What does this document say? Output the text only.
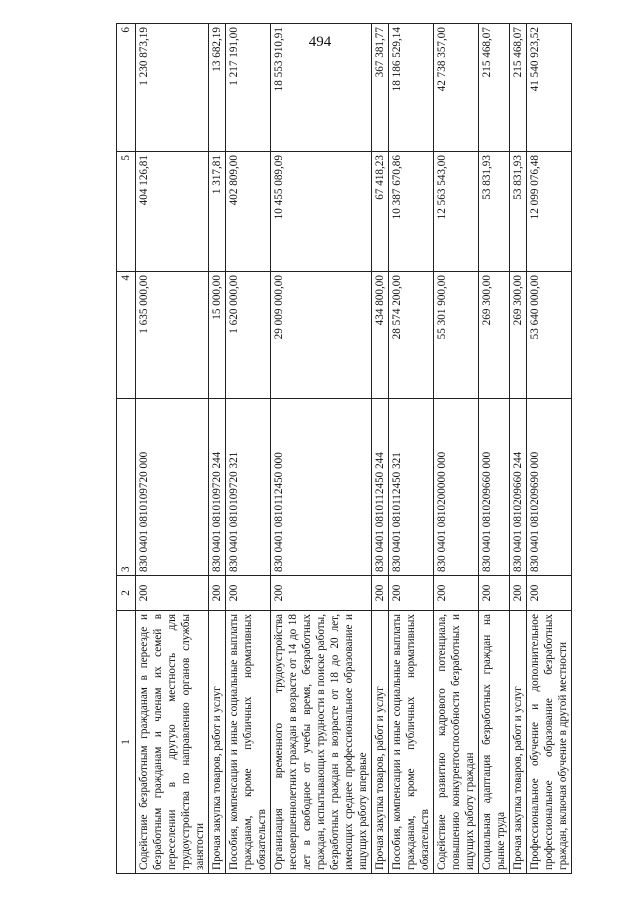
494
1	2	3	4	5	6
Содействие безработным гражданам в переезде и безработным гражданам и членам их семей в переселении в другую местность для трудоустройства по направлению органов службы занятости	200	830 0401 0810109720 000	1 635 000,00	404 126,81	1 230 873,19
Прочая закупка товаров, работ и услуг	200	830 0401 0810109720 244	15 000,00	1 317,81	13 682,19
Пособия, компенсации и иные социальные выплаты гражданам, кроме публичных нормативных обязательств	200	830 0401 0810109720 321	1 620 000,00	402 809,00	1 217 191,00
Организация временного трудоустройства несовершеннолетних граждан в возрасте от 14 до 18 лет в свободное от учебы время, безработных граждан, испытывающих трудности в поиске работы, безработных граждан в возрасте от 18 до 20 лет, имеющих среднее профессиональное образование и ищущих работу впервые	200	830 0401 0810112450 000	29 009 000,00	10 455 089,09	18 553 910,91
Прочая закупка товаров, работ и услуг	200	830 0401 0810112450 244	434 800,00	67 418,23	367 381,77
Пособия, компенсации и иные социальные выплаты гражданам, кроме публичных нормативных обязательств	200	830 0401 0810112450 321	28 574 200,00	10 387 670,86	18 186 529,14
Содействие развитию кадрового потенциала, повышению конкурентоспособности безработных и ищущих работу граждан	200	830 0401 0810200000 000	55 301 900,00	12 563 543,00	42 738 357,00
Социальная адаптация безработных граждан на рынке труда	200	830 0401 0810209660 000	269 300,00	53 831,93	215 468,07
Прочая закупка товаров, работ и услуг	200	830 0401 0810209660 244	269 300,00	53 831,93	215 468,07
Профессиональное обучение и дополнительное профессиональное образование безработных граждан, включая обучение в другой местности	200	830 0401 0810209690 000	53 640 000,00	12 099 076,48	41 540 923,52
